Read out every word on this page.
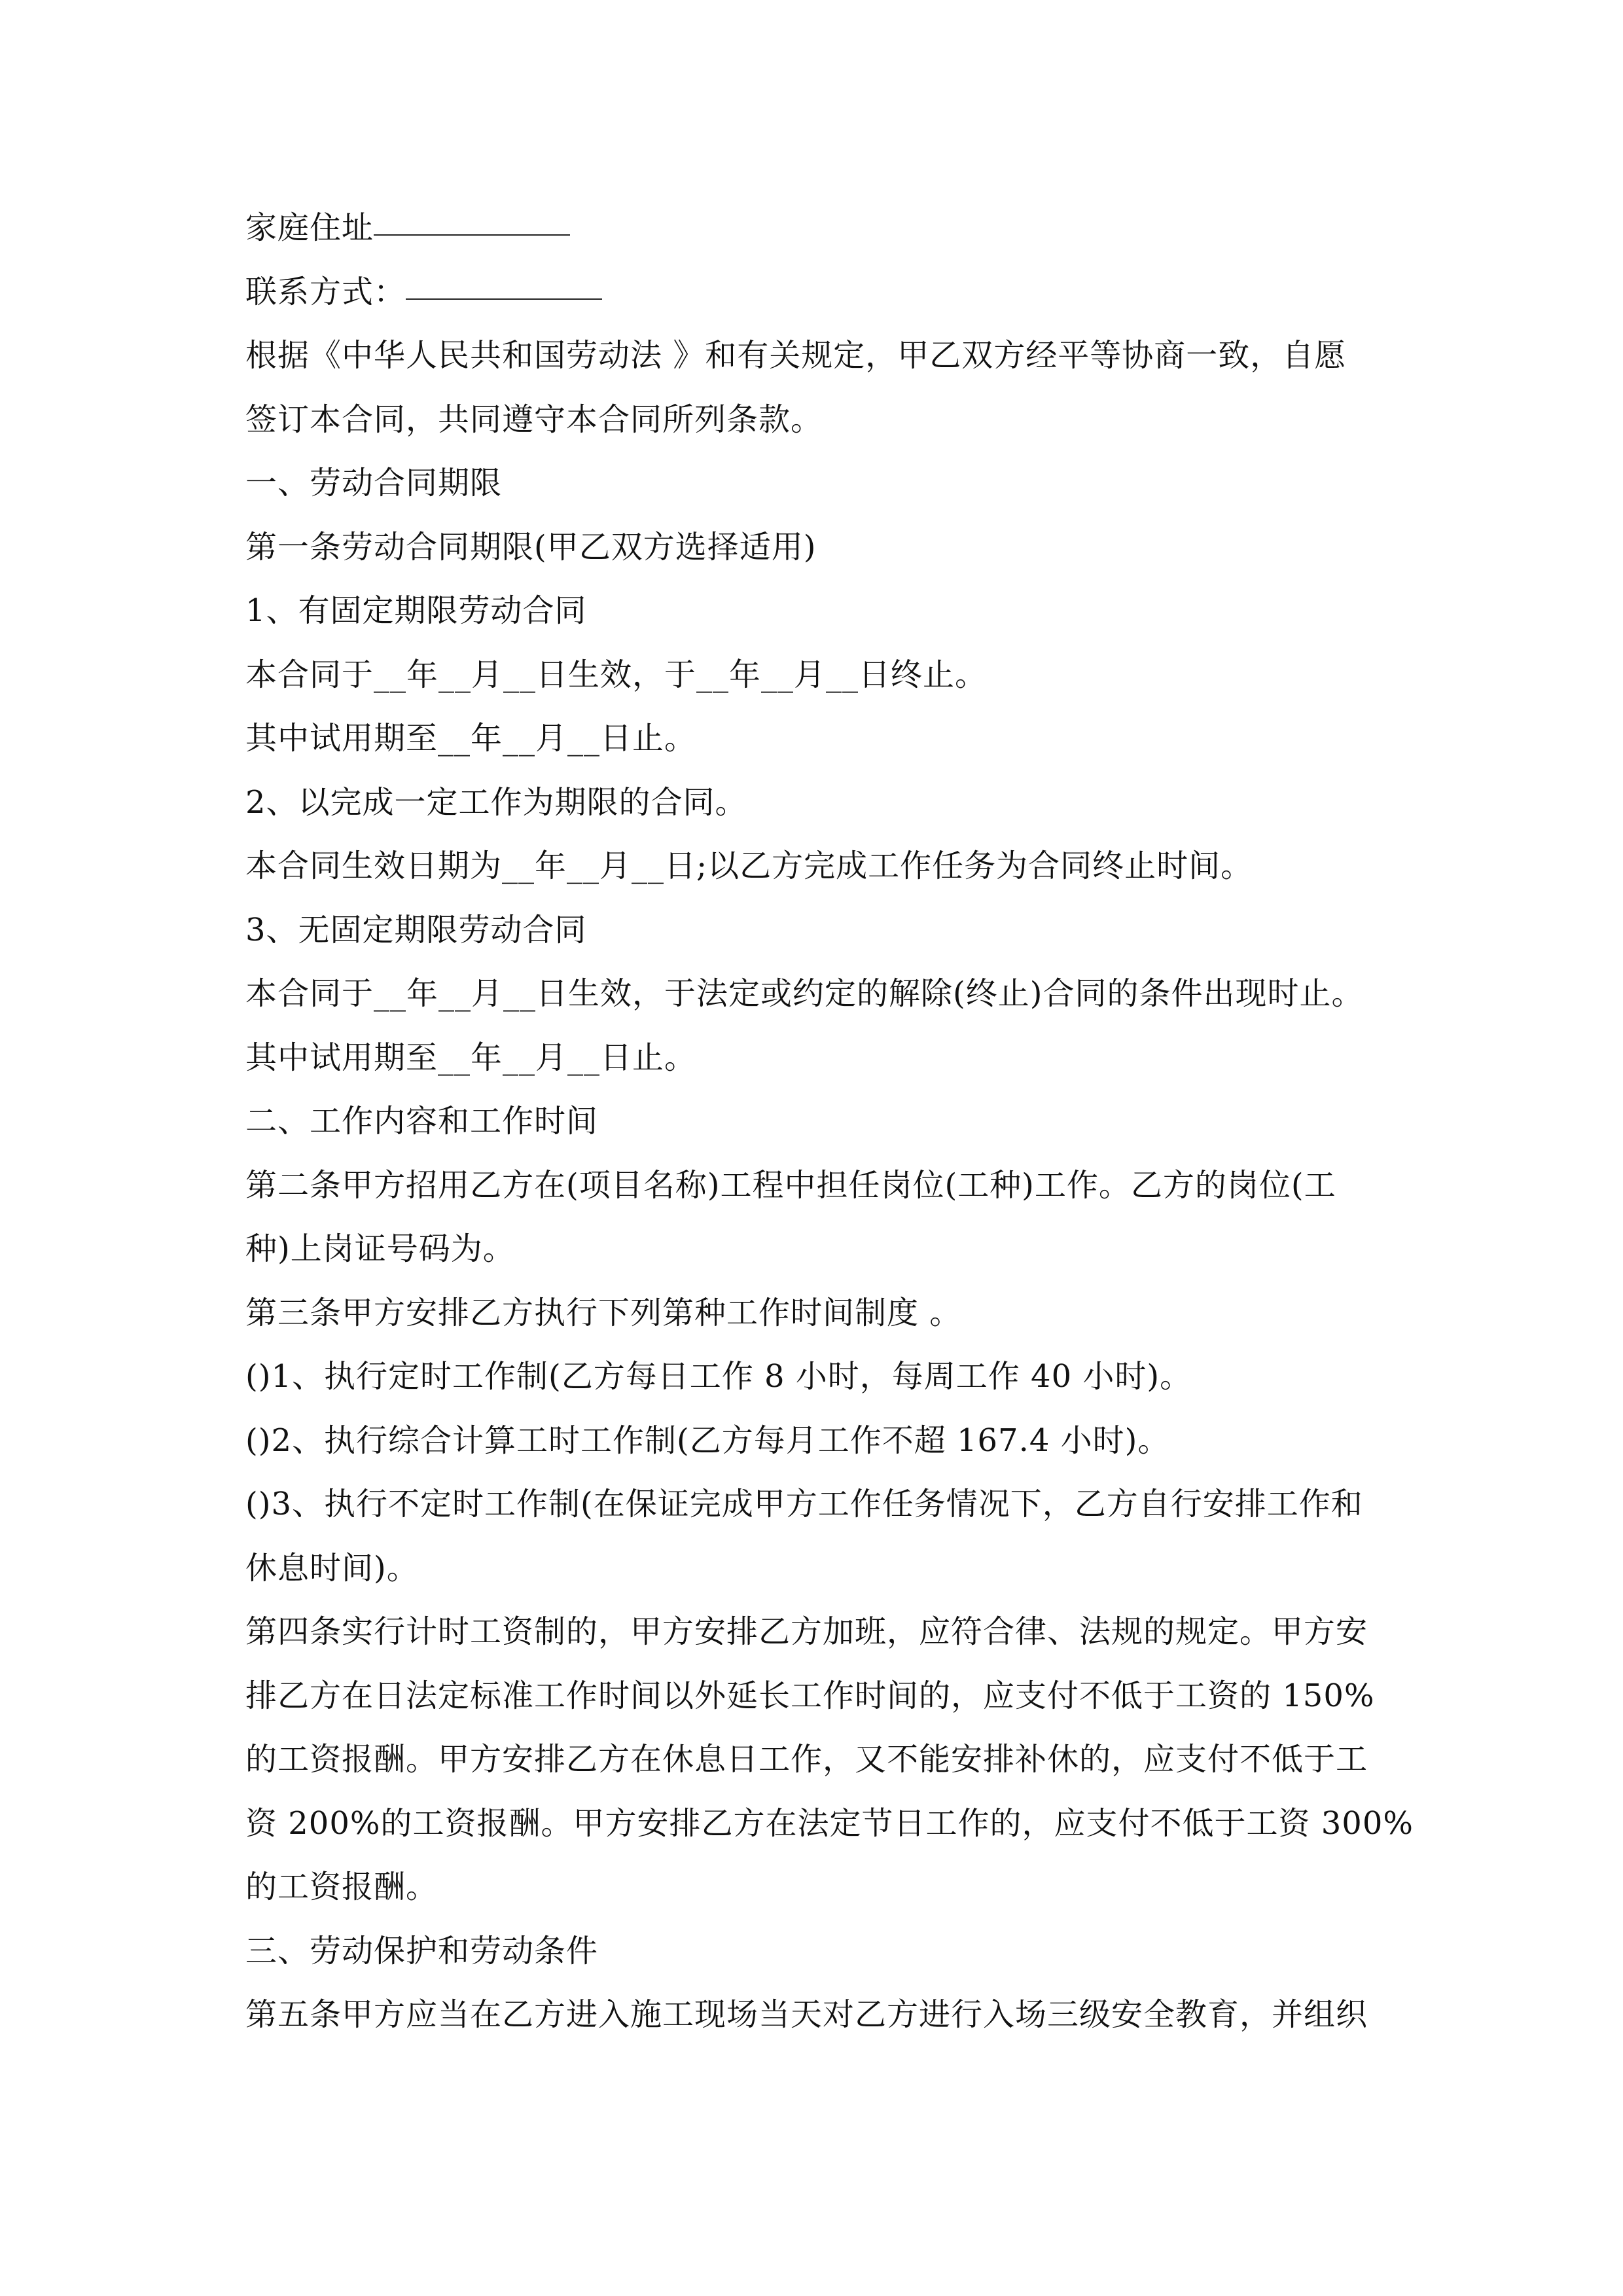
家庭住址
联系方式：
根据《中华人民共和国劳动法 》和有关规定，甲乙双方经平等协商一致，自愿
签订本合同，共同遵守本合同所列条款。
一、劳动合同期限
第一条劳动合同期限(甲乙双方选择适用)
1、有固定期限劳动合同
本合同于__年__月__日生效，于__年__月__日终止。
其中试用期至__年__月__日止。
2、以完成一定工作为期限的合同。
本合同生效日期为__年__月__日;以乙方完成工作任务为合同终止时间。
3、无固定期限劳动合同
本合同于__年__月__日生效，于法定或约定的解除(终止)合同的条件出现时止。
其中试用期至__年__月__日止。
二、工作内容和工作时间
第二条甲方招用乙方在(项目名称)工程中担任岗位(工种)工作。乙方的岗位(工
种)上岗证号码为。
第三条甲方安排乙方执行下列第种工作时间制度 。
()1、执行定时工作制(乙方每日工作 8 小时，每周工作 40 小时)。
()2、执行综合计算工时工作制(乙方每月工作不超 167.4 小时)。
()3、执行不定时工作制(在保证完成甲方工作任务情况下，乙方自行安排工作和
休息时间)。
第四条实行计时工资制的，甲方安排乙方加班，应符合律、法规的规定。甲方安
排乙方在日法定标准工作时间以外延长工作时间的，应支付不低于工资的 150%
的工资报酬。甲方安排乙方在休息日工作，又不能安排补休的，应支付不低于工
资 200%的工资报酬。甲方安排乙方在法定节日工作的，应支付不低于工资 300%
的工资报酬。
三、劳动保护和劳动条件
第五条甲方应当在乙方进入施工现场当天对乙方进行入场三级安全教育，并组织
